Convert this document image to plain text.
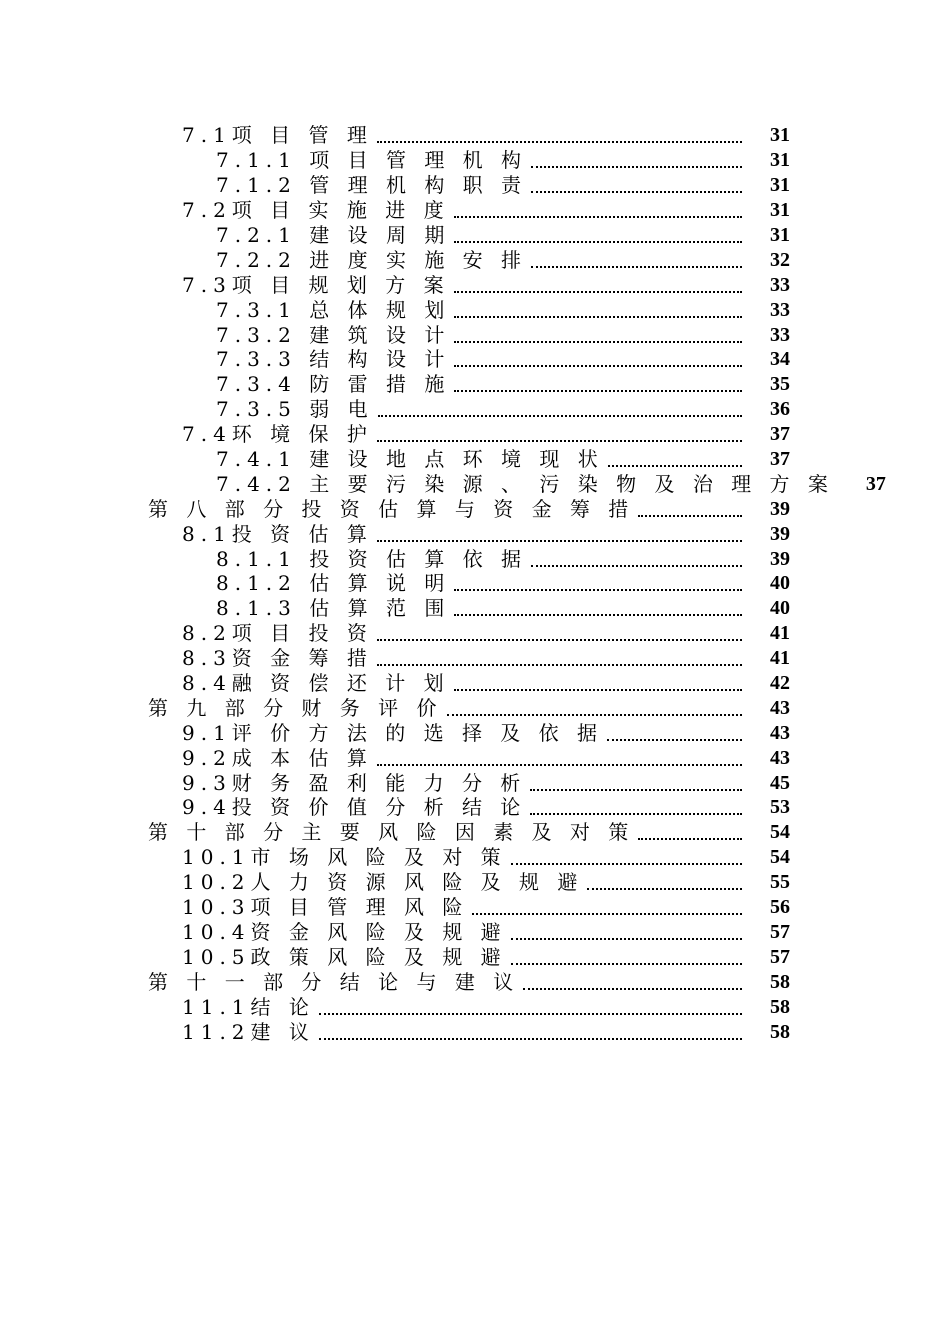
7.1项 目 管 理	31
7.1.1 项 目 管 理 机 构	31
7.1.2 管 理 机 构 职 责	31
7.2项 目 实 施 进 度	31
7.2.1 建 设 周 期	31
7.2.2 进 度 实 施 安 排	32
7.3项 目 规 划 方 案	33
7.3.1 总 体 规 划	33
7.3.2 建 筑 设 计	33
7.3.3 结 构 设 计	34
7.3.4 防 雷 措 施	35
7.3.5 弱 电	36
7.4环 境 保 护	37
7.4.1 建 设 地 点 环 境 现 状	37
7.4.2 主 要 污 染 源 、 污 染 物 及 治 理 方 案	37
第 八 部 分 投 资 估 算 与 资 金 筹 措	39
8.1投 资 估 算	39
8.1.1 投 资 估 算 依 据	39
8.1.2 估 算 说 明	40
8.1.3 估 算 范 围	40
8.2项 目 投 资	41
8.3资 金 筹 措	41
8.4融 资 偿 还 计 划	42
第 九 部 分 财 务 评 价	43
9.1评 价 方 法 的 选 择 及 依 据	43
9.2成 本 估 算	43
9.3财 务 盈 利 能 力 分 析	45
9.4投 资 价 值 分 析 结 论	53
第 十 部 分 主 要 风 险 因 素 及 对 策	54
10.1市 场 风 险 及 对 策	54
10.2人 力 资 源 风 险 及 规 避	55
10.3项 目 管 理 风 险	56
10.4资 金 风 险 及 规 避	57
10.5政 策 风 险 及 规 避	57
第 十 一 部 分 结 论 与 建 议	58
11.1结 论	58
11.2建 议	58
